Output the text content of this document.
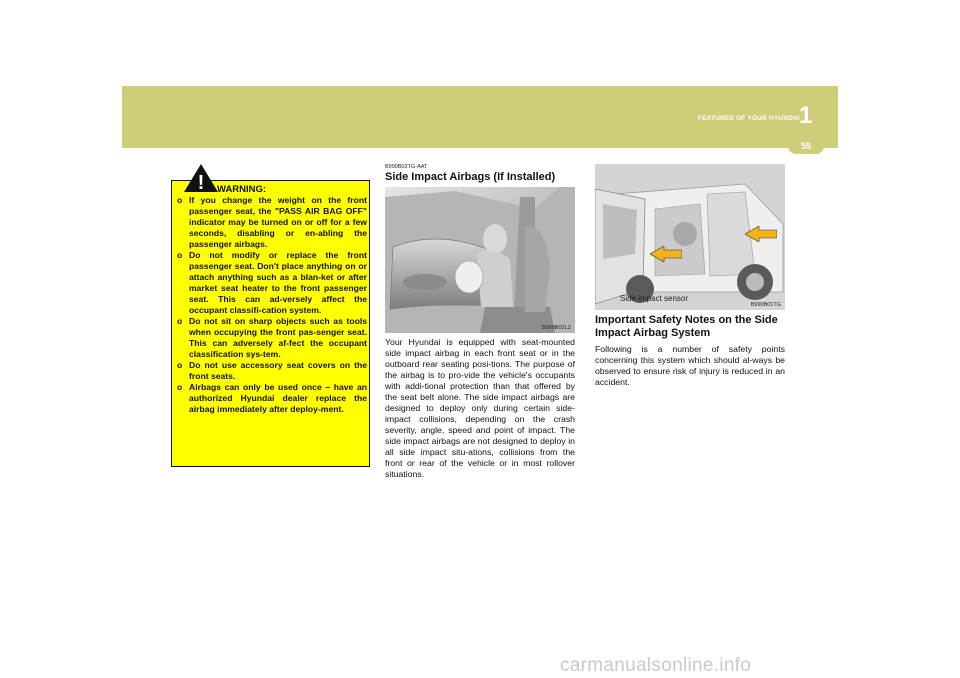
FEATURES OF YOUR HYUNDAI 1
55
! WARNING:
o If you change the weight on the front passenger seat, the "PASS AIR BAG OFF" indicator may be turned on or off for a few seconds, disabling or en-abling the passenger airbags.
o Do not modify or replace the front passenger seat. Don't place anything on or attach anything such as a blan-ket or after market seat heater to the front passenger seat. This can ad-versely affect the occupant classifi-cation system.
o Do not sit on sharp objects such as tools when occupying the front pas-senger seat. This can adversely af-fect the occupant classification sys-tem.
o Do not use accessory seat covers on the front seats.
o Airbags can only be used once – have an authorized Hyundai dealer replace the airbag immediately after deploy-ment.
B990B02TG-AAT
Side Impact Airbags (If Installed)
B990B02LZ

Your Hyundai is equipped with seat-mounted side impact airbag in each front seat or in the outboard rear seating posi-tions. The purpose of the airbag is to pro-vide the vehicle's occupants with addi-tional protection than that offered by the seat belt alone. The side impact airbags are designed to deploy only during certain side-impact collisions, depending on the crash severity, angle, speed and point of impact. The side impact airbags are not designed to deploy in all side impact situ-ations, collisions from the front or rear of the vehicle or in most rollover situations.

Side impact sensor
B990B01TG
Important Safety Notes on the Side Impact Airbag System

Following is a number of safety points concerning this system which should al-ways be observed to ensure risk of injury is reduced in an accident.

carmanualsonline.info
